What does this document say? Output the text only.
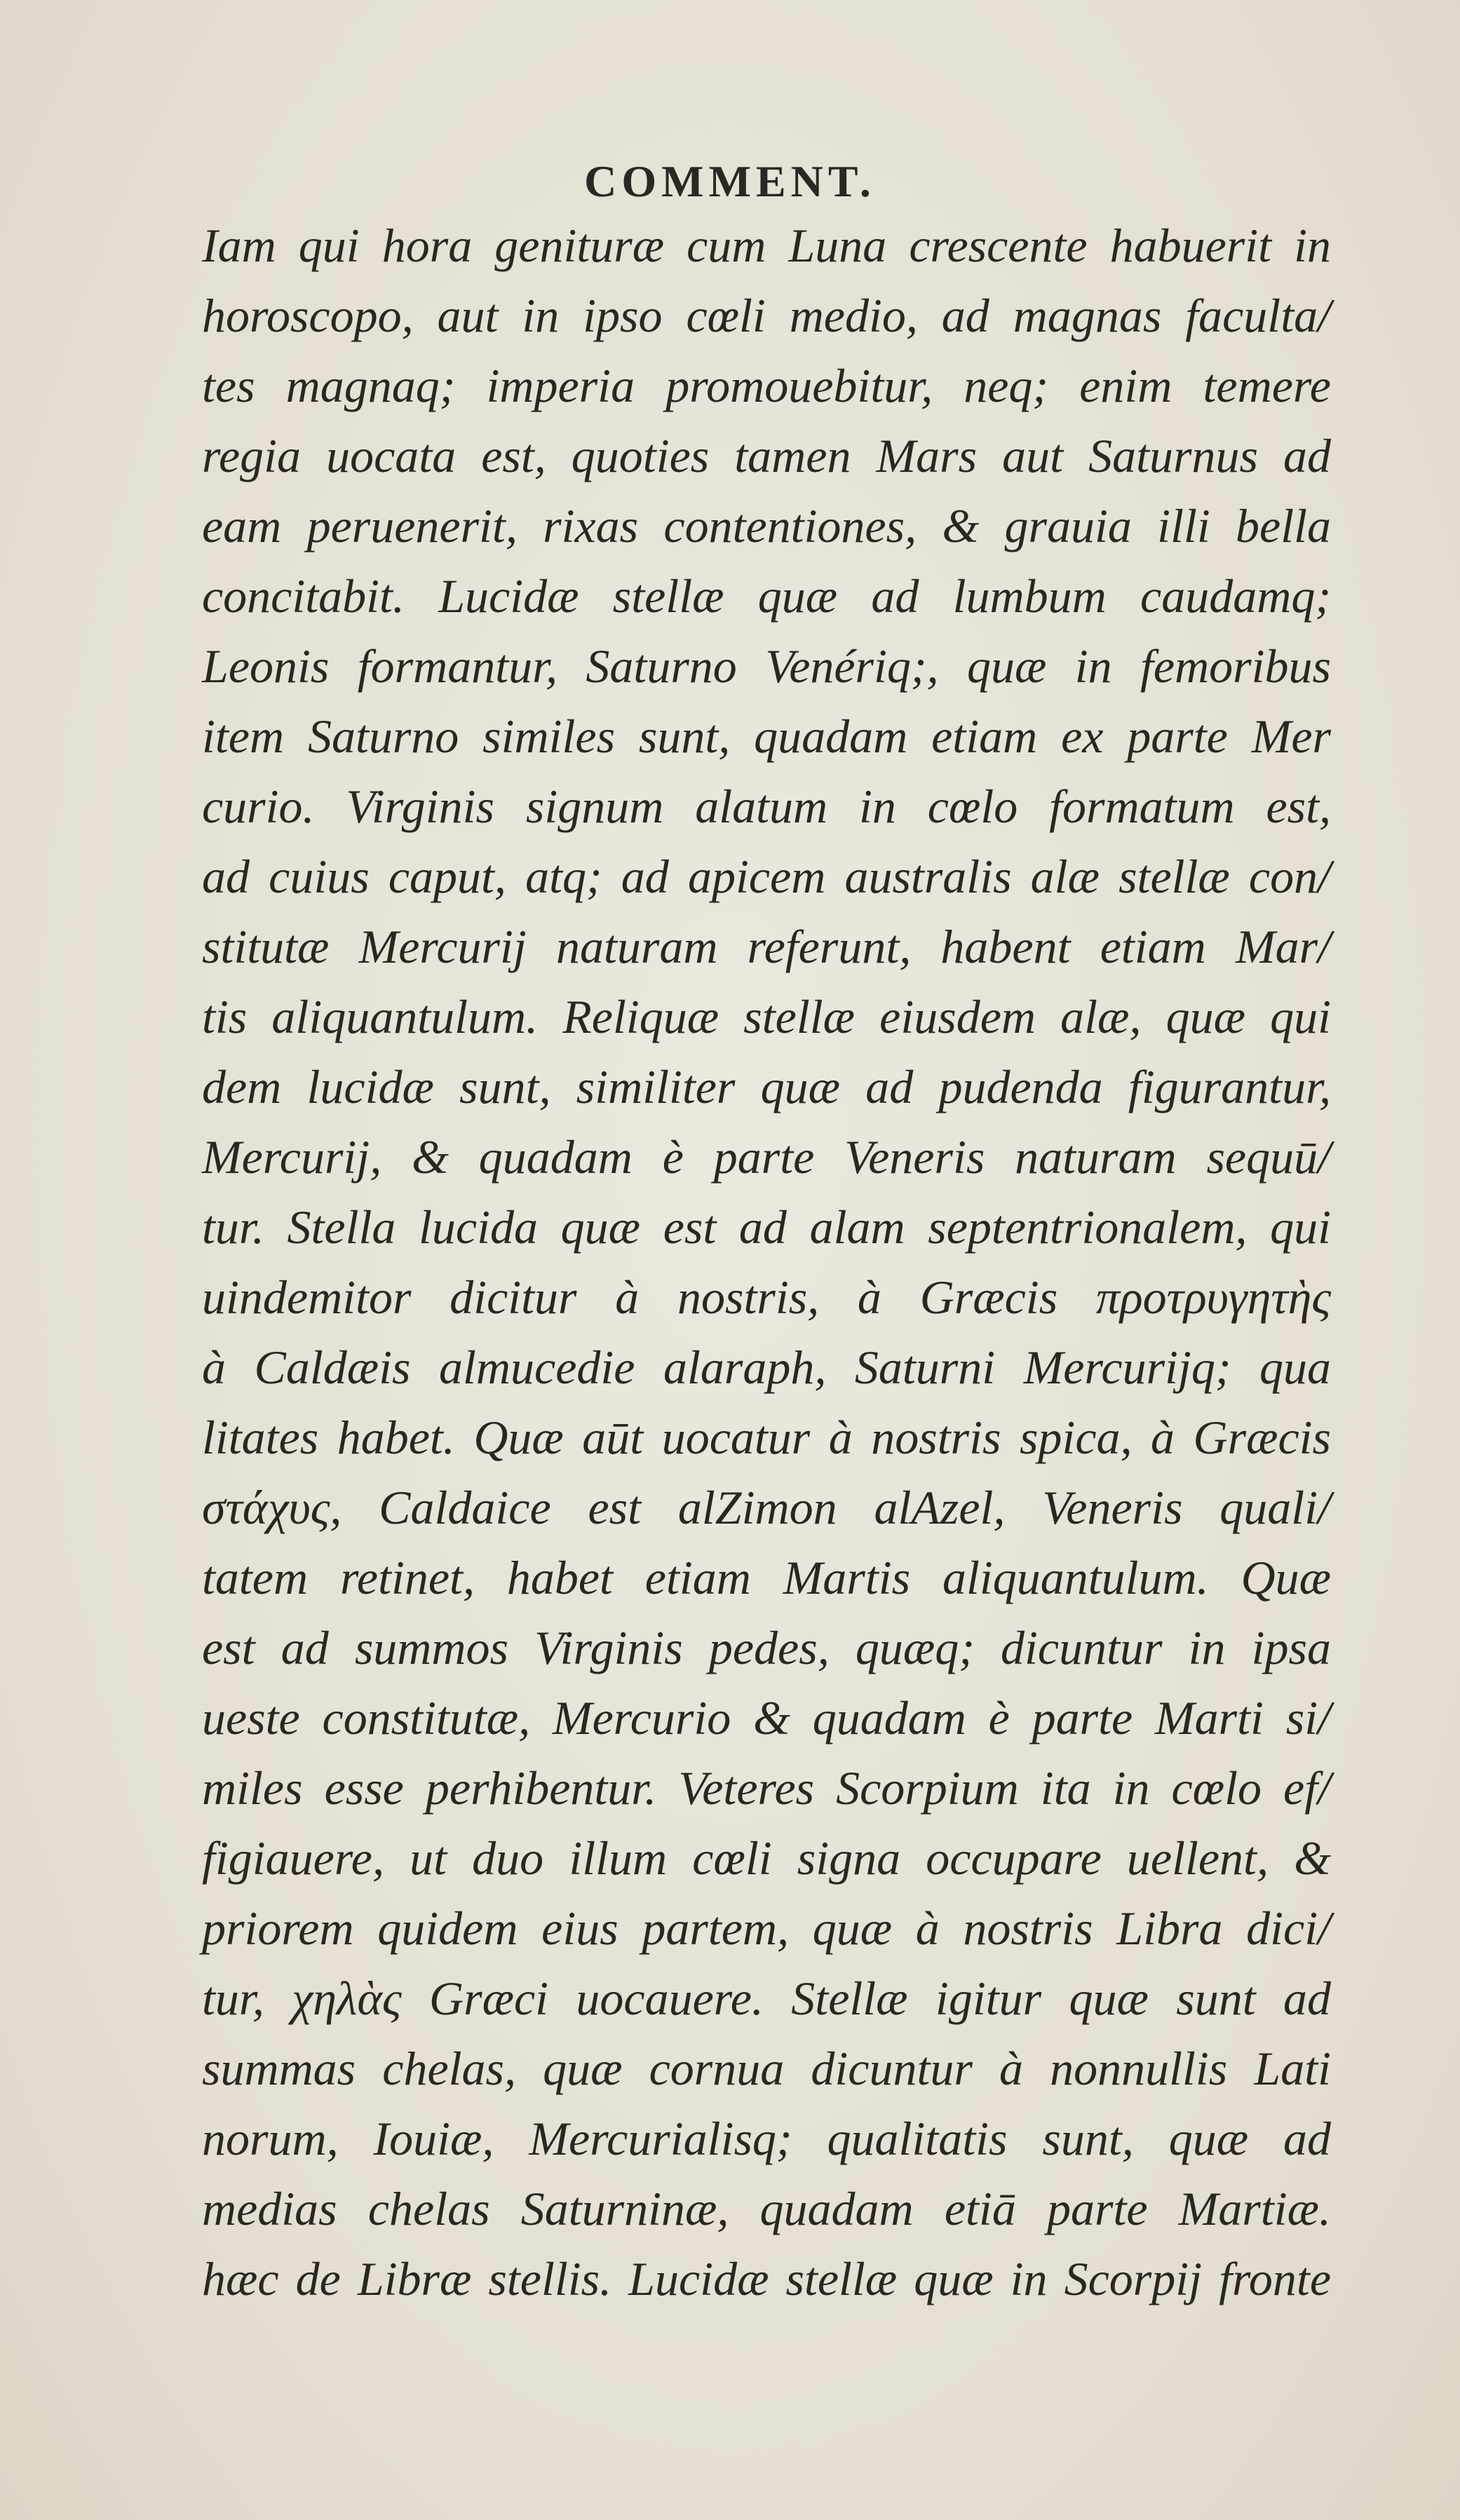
COMMENT.
Iam qui hora genituræ cum Luna crescente habuerit in
horoscopo, aut in ipso cœli medio, ad magnas faculta/
tes magnaq; imperia promouebitur, neq; enim temere
regia uocata est, quoties tamen Mars aut Saturnus ad
eam peruenerit, rixas contentiones, & grauia illi bella
concitabit. Lucidæ stellæ quæ ad lumbum caudamq;
Leonis formantur, Saturno Venériq;, quæ in femoribus
item Saturno similes sunt, quadam etiam ex parte Mer
curio. Virginis signum alatum in cœlo formatum est,
ad cuius caput, atq; ad apicem australis alæ stellæ con/
stitutæ Mercurij naturam referunt, habent etiam Mar/
tis aliquantulum. Reliquæ stellæ eiusdem alæ, quæ qui
dem lucidæ sunt, similiter quæ ad pudenda figurantur,
Mercurij, & quadam è parte Veneris naturam sequū/
tur. Stella lucida quæ est ad alam septentrionalem, qui
uindemitor dicitur à nostris, à Græcis προτρυγητὴς
à Caldæis almucedie alaraph, Saturni Mercurijq; qua
litates habet. Quæ aūt uocatur à nostris spica, à Græcis
στάχυς, Caldaice est alZimon alAzel, Veneris quali/
tatem retinet, habet etiam Martis aliquantulum. Quæ
est ad summos Virginis pedes, quæq; dicuntur in ipsa
ueste constitutæ, Mercurio & quadam è parte Marti si/
miles esse perhibentur. Veteres Scorpium ita in cœlo ef/
figiauere, ut duo illum cœli signa occupare uellent, &
priorem quidem eius partem, quæ à nostris Libra dici/
tur, χηλὰς Græci uocauere. Stellæ igitur quæ sunt ad
summas chelas, quæ cornua dicuntur à nonnullis Lati
norum, Iouiæ, Mercurialisq; qualitatis sunt, quæ ad
medias chelas Saturninæ, quadam etiā parte Martiæ.
hæc de Libræ stellis. Lucidæ stellæ quæ in Scorpij fronte
